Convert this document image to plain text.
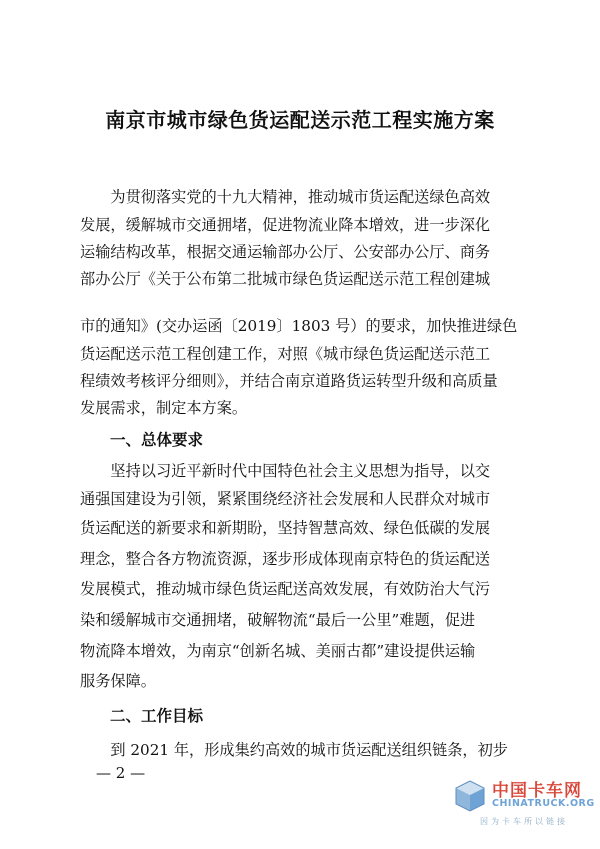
南京市城市绿色货运配送示范工程实施方案
　　为贯彻落实党的十九大精神，推动城市货运配送绿色高效
发展，缓解城市交通拥堵，促进物流业降本增效，进一步深化
运输结构改革，根据交通运输部办公厅、公安部办公厅、商务
部办公厅《关于公布第二批城市绿色货运配送示范工程创建城
市的通知》(交办运函〔2019〕1803 号）的要求，加快推进绿色
货运配送示范工程创建工作，对照《城市绿色货运配送示范工
程绩效考核评分细则》，并结合南京道路货运转型升级和高质量
发展需求，制定本方案。
一、总体要求
　　坚持以习近平新时代中国特色社会主义思想为指导，以交
通强国建设为引领，紧紧围绕经济社会发展和人民群众对城市
货运配送的新要求和新期盼，坚持智慧高效、绿色低碳的发展
理念，整合各方物流资源，逐步形成体现南京特色的货运配送
发展模式，推动城市绿色货运配送高效发展，有效防治大气污
染和缓解城市交通拥堵，破解物流“最后一公里”难题，促进
物流降本增效，为南京“创新名城、美丽古都”建设提供运输
服务保障。
二、工作目标
　　到 2021 年，形成集约高效的城市货运配送组织链条，初步
— 2 —
中国卡车网
CHINATRUCK.ORG
因为卡车所以链接
